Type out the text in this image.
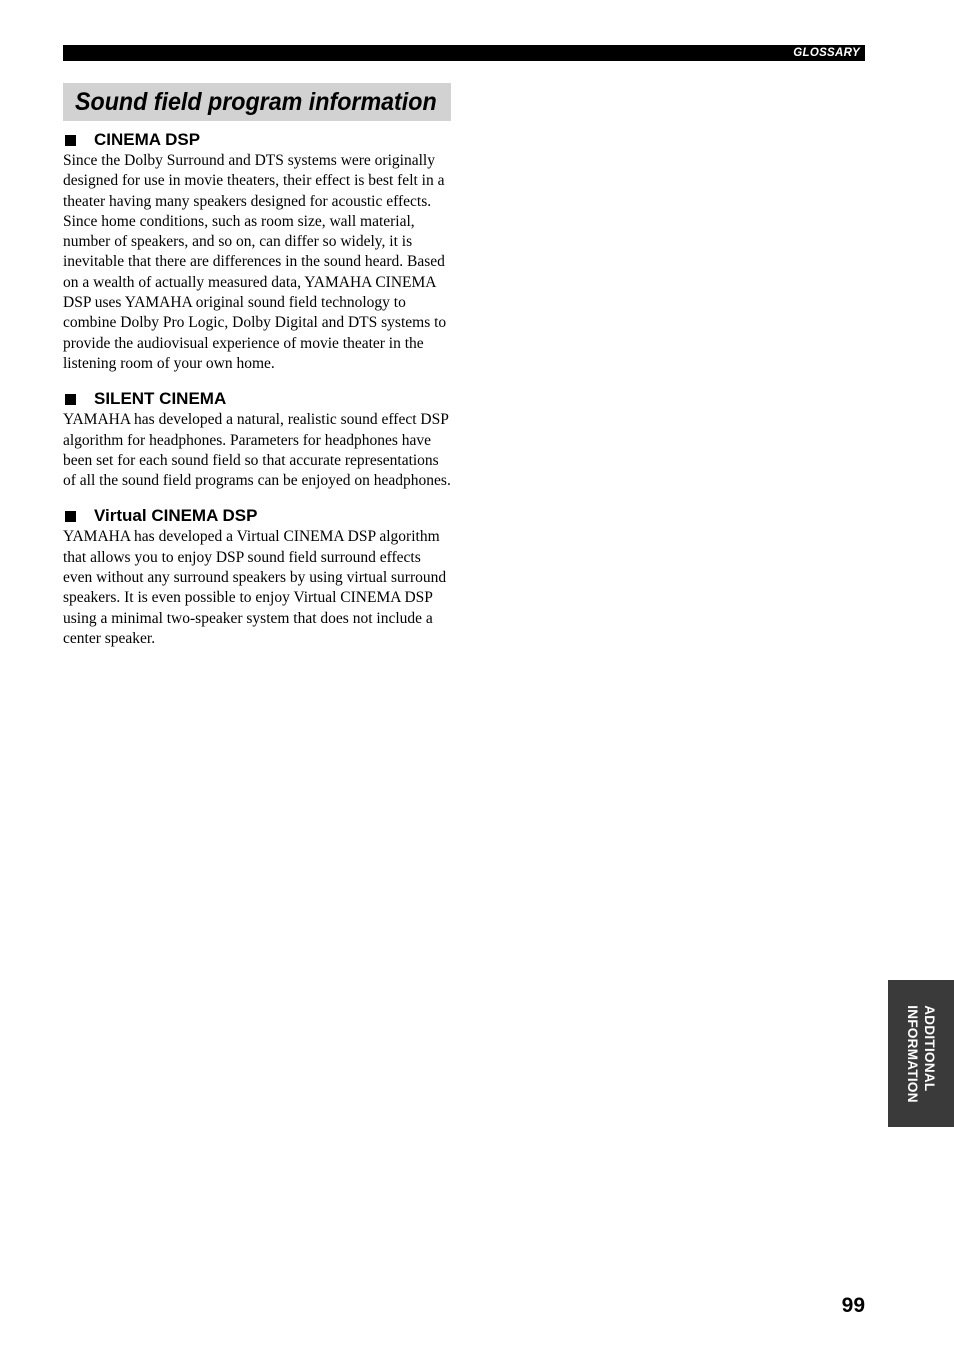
GLOSSARY
Sound field program information
CINEMA DSP

Since the Dolby Surround and DTS systems were originally designed for use in movie theaters, their effect is best felt in a theater having many speakers designed for acoustic effects. Since home conditions, such as room size, wall material, number of speakers, and so on, can differ so widely, it is inevitable that there are differences in the sound heard. Based on a wealth of actually measured data, YAMAHA CINEMA DSP uses YAMAHA original sound field technology to combine Dolby Pro Logic, Dolby Digital and DTS systems to provide the audiovisual experience of movie theater in the listening room of your own home.

SILENT CINEMA

YAMAHA has developed a natural, realistic sound effect DSP algorithm for headphones. Parameters for headphones have been set for each sound field so that accurate representations of all the sound field programs can be enjoyed on headphones.

Virtual CINEMA DSP

YAMAHA has developed a Virtual CINEMA DSP algorithm that allows you to enjoy DSP sound field surround effects even without any surround speakers by using virtual surround speakers. It is even possible to enjoy Virtual CINEMA DSP using a minimal two-speaker system that does not include a center speaker.

ADDITIONAL
INFORMATION
99
